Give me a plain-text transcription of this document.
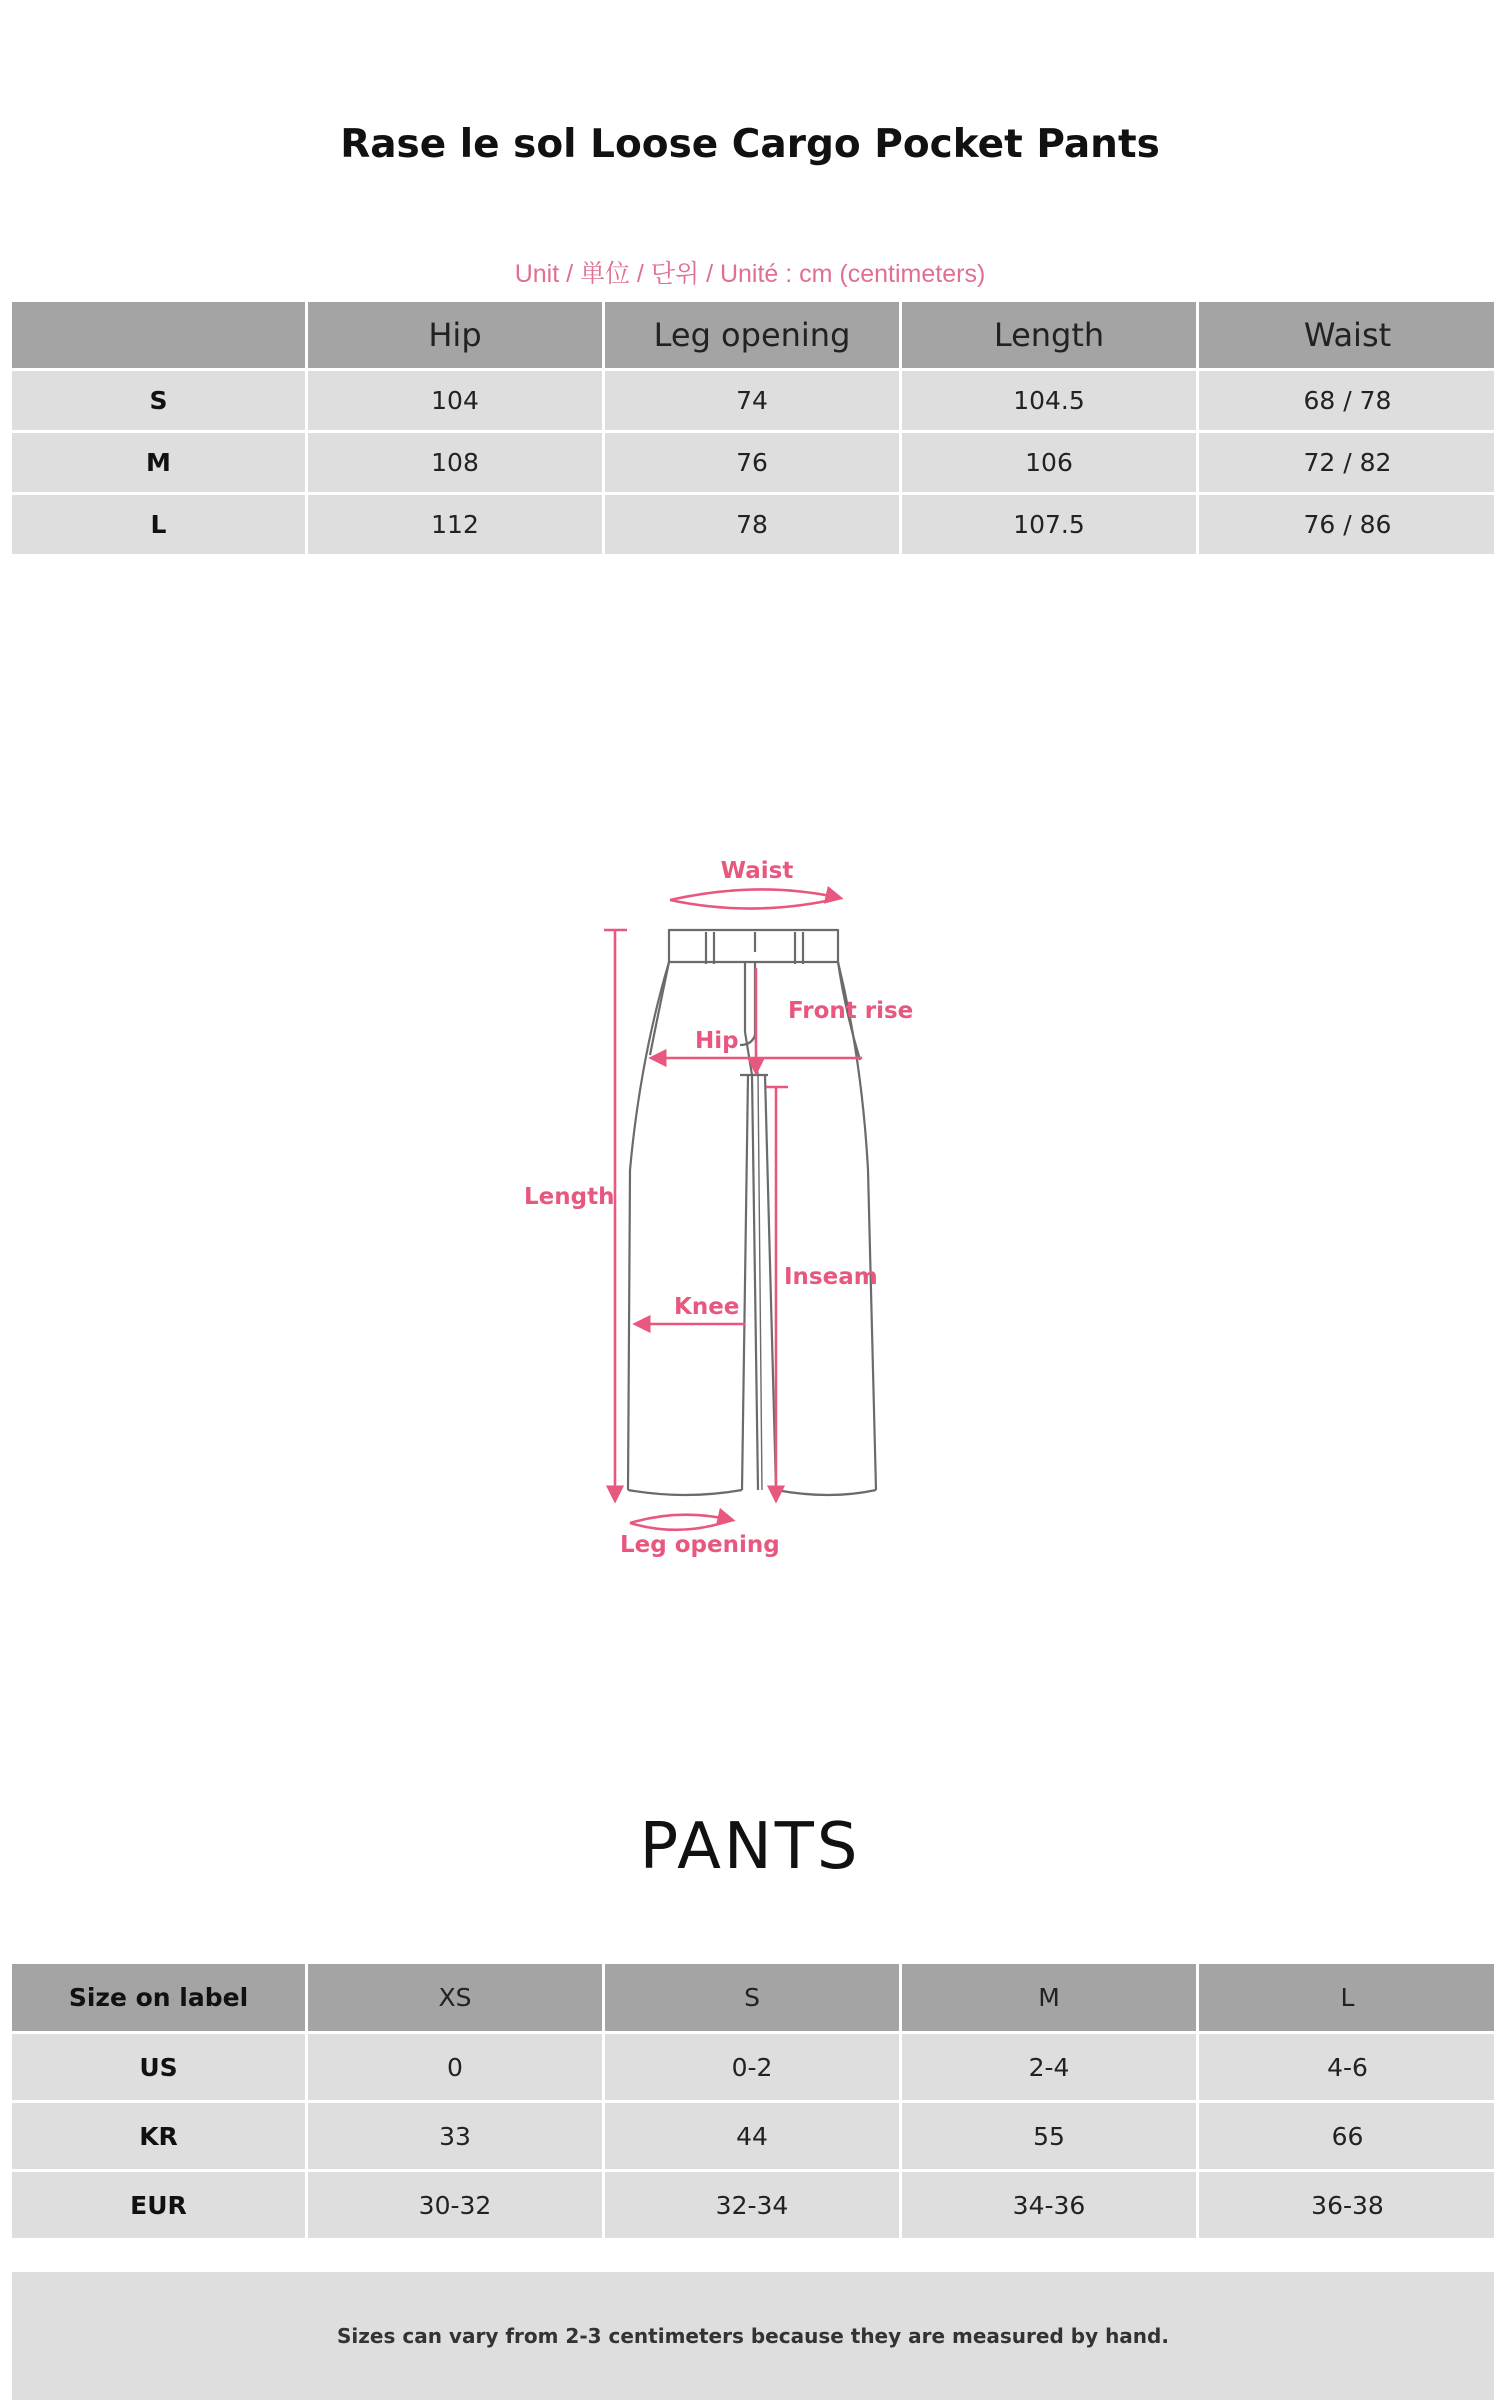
Rase le sol Loose Cargo Pocket Pants
Unit / 単位 / 단위 / Unité : cm (centimeters)
Hip	Leg opening	Length	Waist
S	104	74	104.5	68 / 78
M	108	76	106	72 / 82
L	112	78	107.5	76 / 86
Waist
Front rise
Hip
Length
Inseam
Knee
Leg opening
PANTS
Size on label	XS	S	M	L
US	0	0-2	2-4	4-6
KR	33	44	55	66
EUR	30-32	32-34	34-36	36-38
Sizes can vary from 2-3 centimeters because they are measured by hand.
